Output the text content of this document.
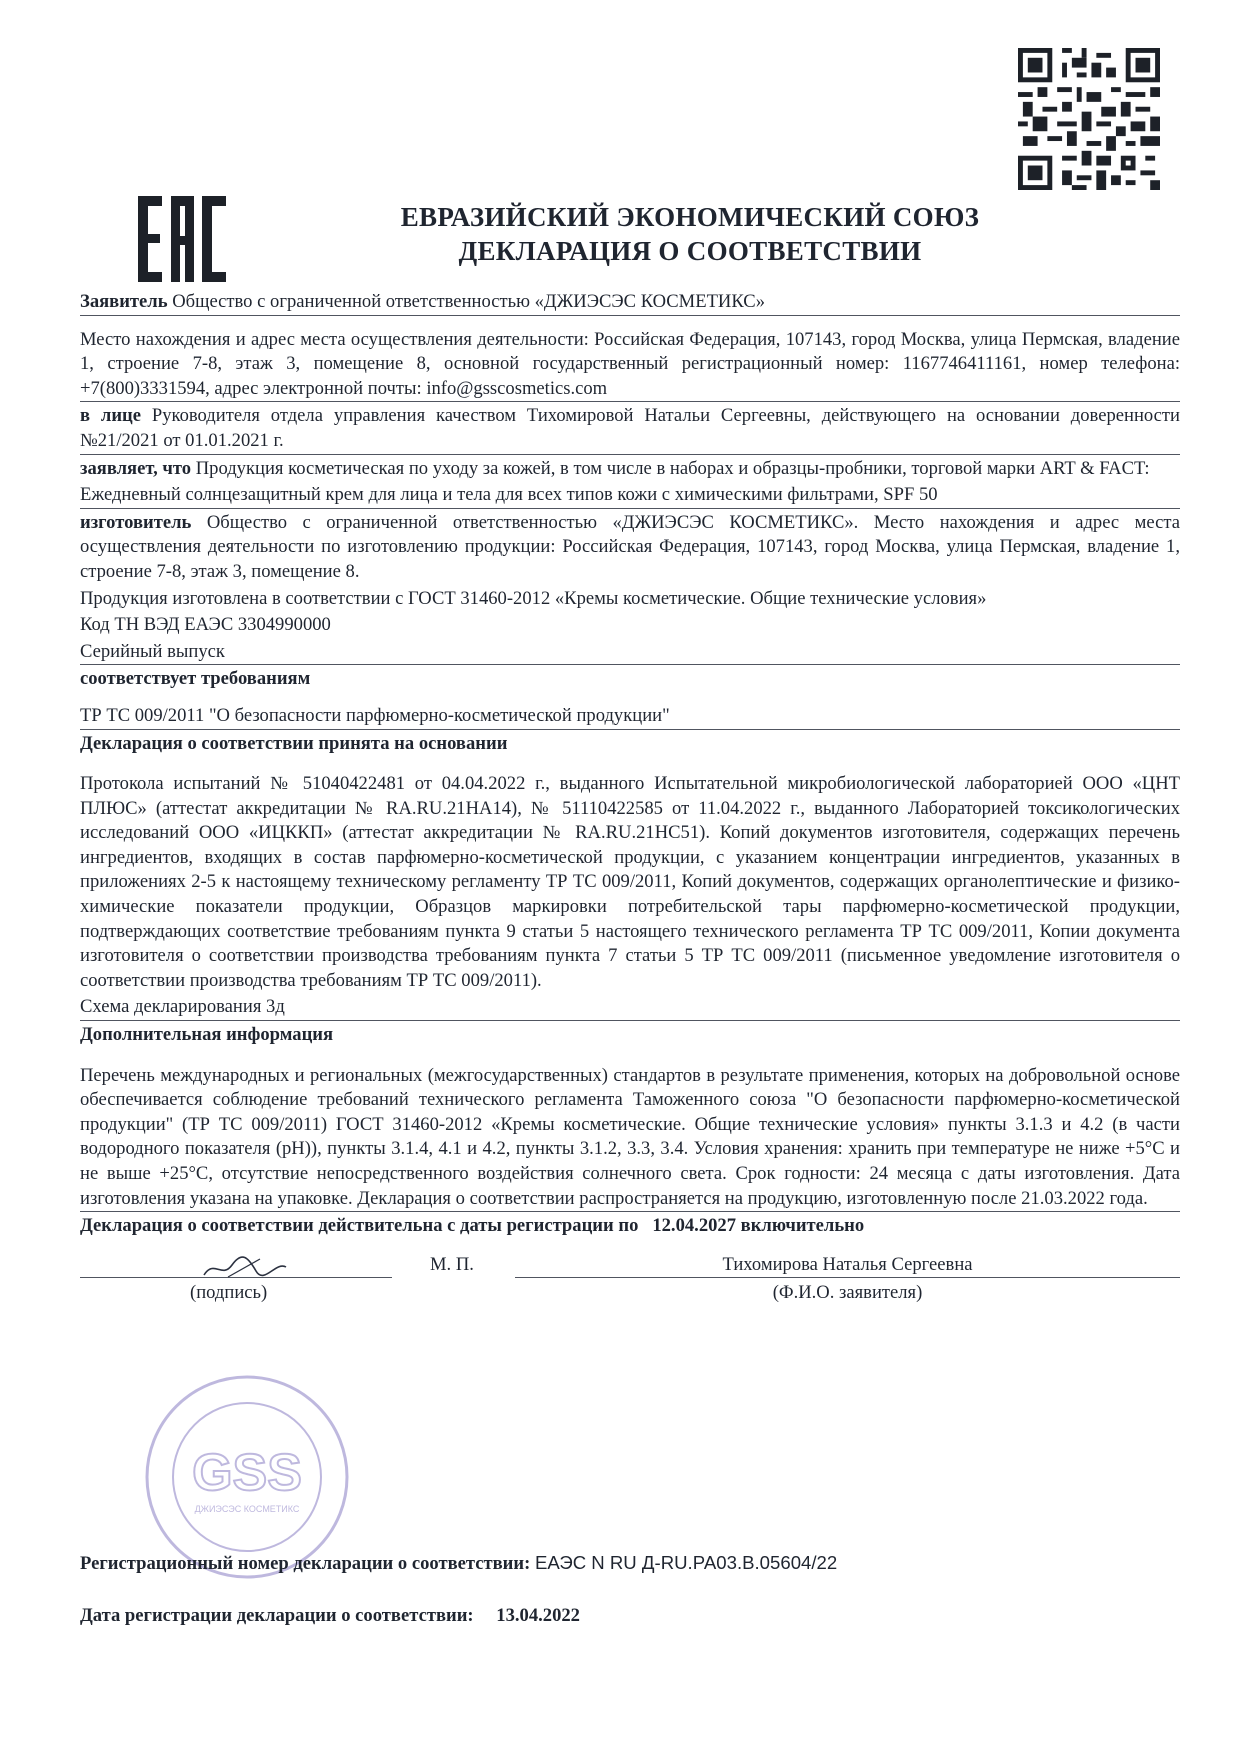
ЕВРАЗИЙСКИЙ ЭКОНОМИЧЕСКИЙ СОЮЗ
ДЕКЛАРАЦИЯ О СООТВЕТСТВИИ

Заявитель Общество с ограниченной ответственностью «ДЖИЭСЭС КОСМЕТИКС»

Место нахождения и адрес места осуществления деятельности: Российская Федерация, 107143, город Москва, улица Пермская, владение 1, строение 7-8, этаж 3, помещение 8, основной государственный регистрационный номер: 1167746411161, номер телефона: +7(800)3331594, адрес электронной почты: info@gsscosmetics.com

в лице Руководителя отдела управления качеством Тихомировой Натальи Сергеевны, действующего на основании доверенности №21/2021 от 01.01.2021 г.

заявляет, что Продукция косметическая по уходу за кожей, в том числе в наборах и образцы-пробники, торговой марки ART & FACT:

Ежедневный солнцезащитный крем для лица и тела для всех типов кожи с химическими фильтрами, SPF 50

изготовитель Общество с ограниченной ответственностью «ДЖИЭСЭС КОСМЕТИКС». Место нахождения и адрес места осуществления деятельности по изготовлению продукции: Российская Федерация, 107143, город Москва, улица Пермская, владение 1, строение 7-8, этаж 3, помещение 8.

Продукция изготовлена в соответствии с ГОСТ 31460-2012 «Кремы косметические. Общие технические условия»

Код ТН ВЭД ЕАЭС 3304990000

Серийный выпуск

соответствует требованиям

ТР ТС 009/2011 "О безопасности парфюмерно-косметической продукции"

Декларация о соответствии принята на основании

Протокола испытаний № 51040422481 от 04.04.2022 г., выданного Испытательной микробиологической лабораторией ООО «ЦНТ ПЛЮС» (аттестат аккредитации № RA.RU.21НА14), № 51110422585 от 11.04.2022 г., выданного Лабораторией токсикологических исследований ООО «ИЦККП» (аттестат аккредитации № RA.RU.21НС51). Копий документов изготовителя, содержащих перечень ингредиентов, входящих в состав парфюмерно-косметической продукции, с указанием концентрации ингредиентов, указанных в приложениях 2-5 к настоящему техническому регламенту ТР ТС 009/2011, Копий документов, содержащих органолептические и физико-химические показатели продукции, Образцов маркировки потребительской тары парфюмерно-косметической продукции, подтверждающих соответствие требованиям пункта 9 статьи 5 настоящего технического регламента ТР ТС 009/2011, Копии документа изготовителя о соответствии производства требованиям пункта 7 статьи 5 ТР ТС 009/2011 (письменное уведомление изготовителя о соответствии производства требованиям ТР ТС 009/2011).

Схема декларирования 3д

Дополнительная информация

Перечень международных и региональных (межгосударственных) стандартов в результате применения, которых на добровольной основе обеспечивается соблюдение требований технического регламента Таможенного союза "О безопасности парфюмерно-косметической продукции" (ТР ТС 009/2011) ГОСТ 31460-2012 «Кремы косметические. Общие технические условия» пункты 3.1.3 и 4.2 (в части водородного показателя (pH)), пункты 3.1.4, 4.1 и 4.2, пункты 3.1.2, 3.3, 3.4. Условия хранения: хранить при температуре не ниже +5°С и не выше +25°С, отсутствие непосредственного воздействия солнечного света. Срок годности: 24 месяца с даты изготовления. Дата изготовления указана на упаковке. Декларация о соответствии распространяется на продукцию, изготовленную после 21.03.2022 года.

Декларация о соответствии действительна с даты регистрации по 12.04.2027 включительно

М. П.	Тихомирова Наталья Сергеевна
(подпись)	(Ф.И.О. заявителя)
GSS
ДЖИЭСЭС КОСМЕТИКС
Регистрационный номер декларации о соответствии: ЕАЭС N RU Д-RU.РА03.В.05604/22
Дата регистрации декларации о соответствии: 13.04.2022
